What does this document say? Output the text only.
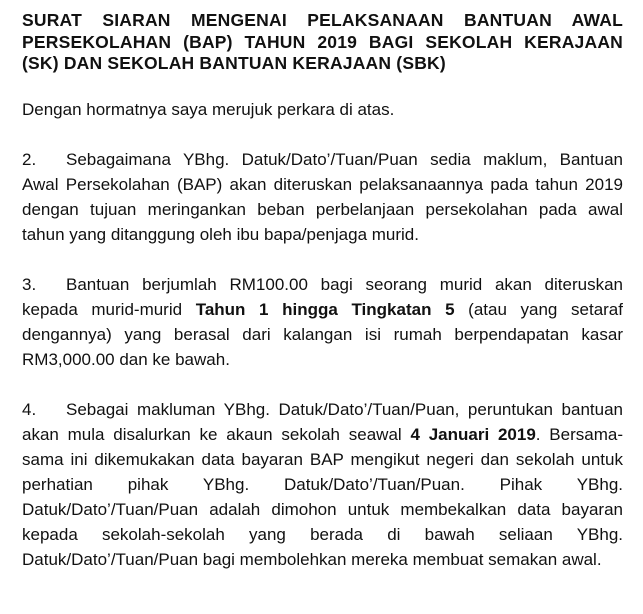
SURAT SIARAN MENGENAI PELAKSANAAN BANTUAN AWAL PERSEKOLAHAN (BAP) TAHUN 2019 BAGI SEKOLAH KERAJAAN (SK) DAN SEKOLAH BANTUAN KERAJAAN (SBK)

Dengan hormatnya saya merujuk perkara di atas.

2. Sebagaimana YBhg. Datuk/Dato’/Tuan/Puan sedia maklum, Bantuan Awal Persekolahan (BAP) akan diteruskan pelaksanaannya pada tahun 2019 dengan tujuan meringankan beban perbelanjaan persekolahan pada awal tahun yang ditanggung oleh ibu bapa/penjaga murid.

3. Bantuan berjumlah RM100.00 bagi seorang murid akan diteruskan kepada murid-murid Tahun 1 hingga Tingkatan 5 (atau yang setaraf dengannya) yang berasal dari kalangan isi rumah berpendapatan kasar RM3,000.00 dan ke bawah.

4. Sebagai makluman YBhg. Datuk/Dato’/Tuan/Puan, peruntukan bantuan akan mula disalurkan ke akaun sekolah seawal 4 Januari 2019. Bersama-sama ini dikemukakan data bayaran BAP mengikut negeri dan sekolah untuk perhatian pihak YBhg. Datuk/Dato’/Tuan/Puan. Pihak YBhg. Datuk/Dato’/Tuan/Puan adalah dimohon untuk membekalkan data bayaran kepada sekolah-sekolah yang berada di bawah seliaan YBhg. Datuk/Dato’/Tuan/Puan bagi membolehkan mereka membuat semakan awal.
